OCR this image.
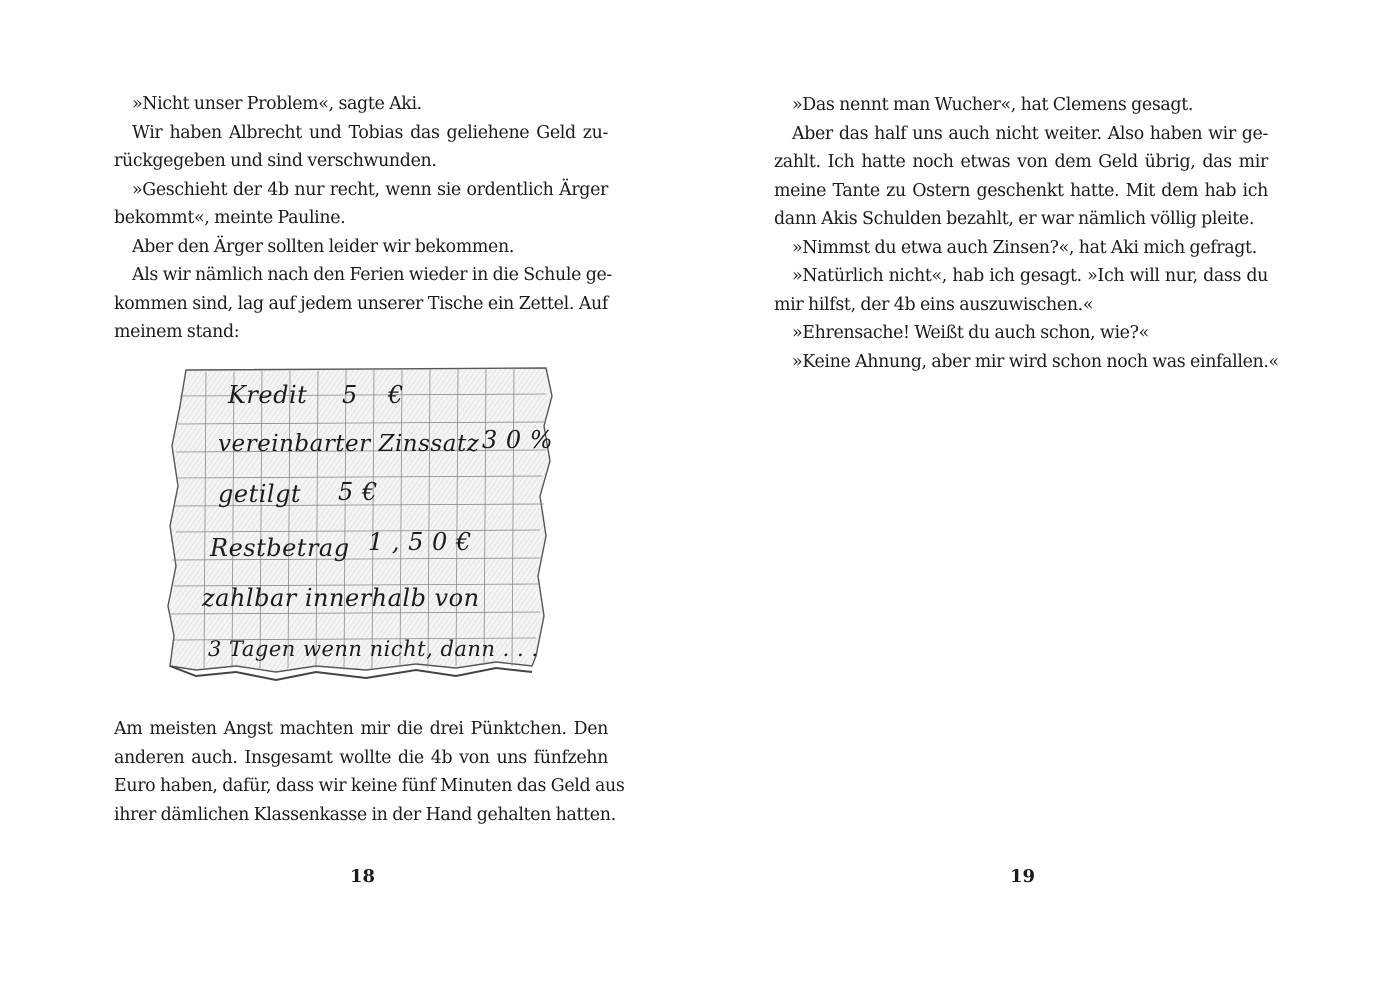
»Nicht unser Problem«, sagte Aki.
Wir haben Albrecht und Tobias das geliehene Geld zu-
rückgegeben und sind verschwunden.
»Geschieht der 4b nur recht, wenn sie ordentlich Ärger
bekommt«, meinte Pauline.
Aber den Ärger sollten leider wir bekommen.
Als wir nämlich nach den Ferien wieder in die Schule ge-
kommen sind, lag auf jedem unserer Tische ein Zettel. Auf
meinem stand:
Kredit 5 €
vereinbarter Zinssatz 3 0 %
getilgt 5 €
Restbetrag 1 , 5 0 €
zahlbar innerhalb von
3 Tagen wenn nicht, dann . . .
Am meisten Angst machten mir die drei Pünktchen. Den
anderen auch. Insgesamt wollte die 4b von uns fünfzehn
Euro haben, dafür, dass wir keine fünf Minuten das Geld aus
ihrer dämlichen Klassenkasse in der Hand gehalten hatten.
18
»Das nennt man Wucher«, hat Clemens gesagt.
Aber das half uns auch nicht weiter. Also haben wir ge-
zahlt. Ich hatte noch etwas von dem Geld übrig, das mir
meine Tante zu Ostern geschenkt hatte. Mit dem hab ich
dann Akis Schulden bezahlt, er war nämlich völlig pleite.
»Nimmst du etwa auch Zinsen?«, hat Aki mich gefragt.
»Natürlich nicht«, hab ich gesagt. »Ich will nur, dass du
mir hilfst, der 4b eins auszuwischen.«
»Ehrensache! Weißt du auch schon, wie?«
»Keine Ahnung, aber mir wird schon noch was einfallen.«
19
